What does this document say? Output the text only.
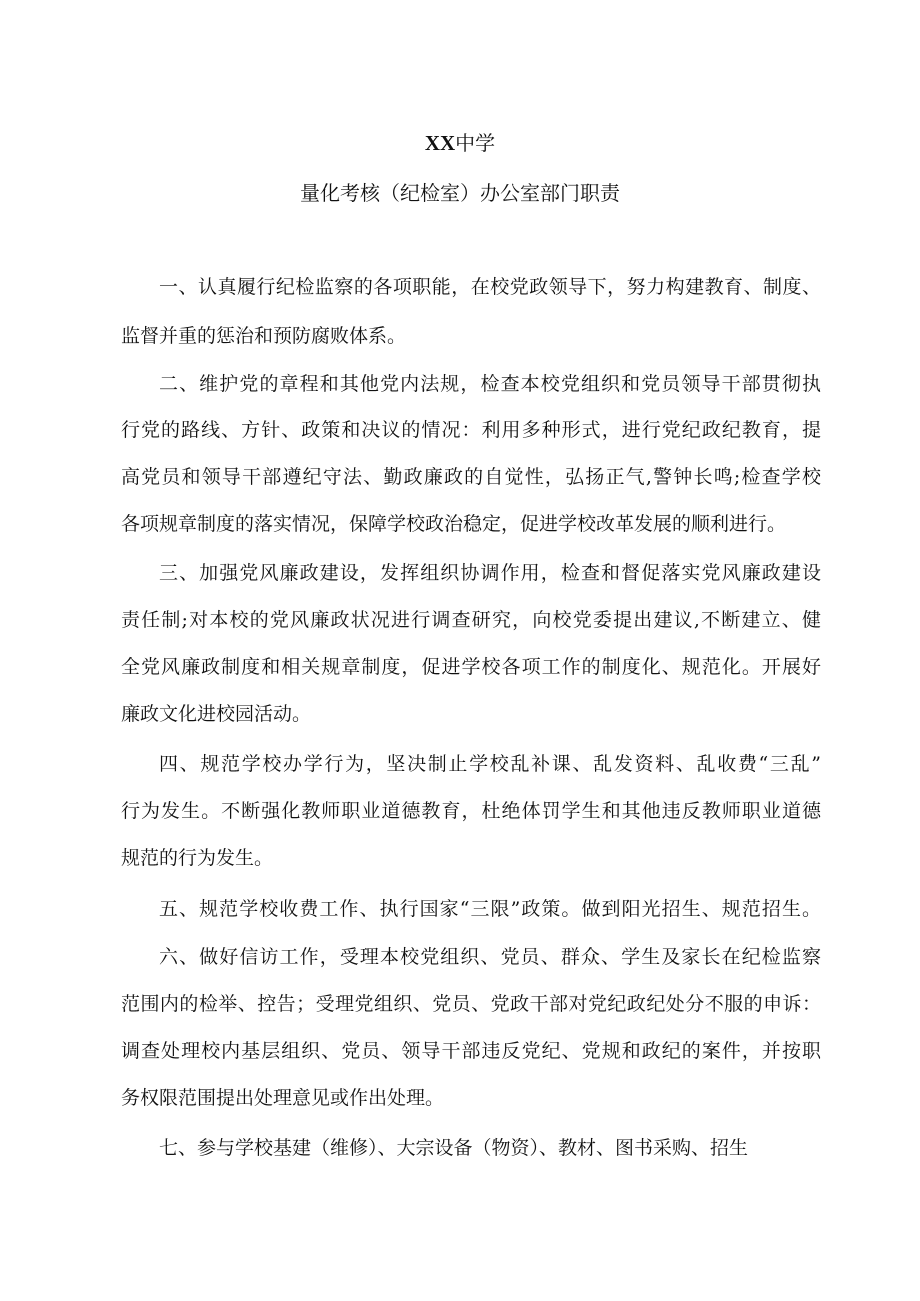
XX中学
量化考核（纪检室）办公室部门职责
一、认真履行纪检监察的各项职能，在校党政领导下，努力构建教育、制度、
监督并重的惩治和预防腐败体系。
二、维护党的章程和其他党内法规，检查本校党组织和党员领导干部贯彻执
行党的路线、方针、政策和决议的情况：利用多种形式，进行党纪政纪教育，提
高党员和领导干部遵纪守法、勤政廉政的自觉性，弘扬正气,警钟长鸣;检查学校
各项规章制度的落实情况，保障学校政治稳定，促进学校改革发展的顺利进行。
三、加强党风廉政建设，发挥组织协调作用，检查和督促落实党风廉政建设
责任制;对本校的党风廉政状况进行调查研究，向校党委提出建议,不断建立、健
全党风廉政制度和相关规章制度，促进学校各项工作的制度化、规范化。开展好
廉政文化进校园活动。
四、规范学校办学行为，坚决制止学校乱补课、乱发资料、乱收费“三乱”
行为发生。不断强化教师职业道德教育，杜绝体罚学生和其他违反教师职业道德
规范的行为发生。
五、规范学校收费工作、执行国家“三限”政策。做到阳光招生、规范招生。
六、做好信访工作，受理本校党组织、党员、群众、学生及家长在纪检监察
范围内的检举、控告；受理党组织、党员、党政干部对党纪政纪处分不服的申诉：
调查处理校内基层组织、党员、领导干部违反党纪、党规和政纪的案件，并按职
务权限范围提出处理意见或作出处理。
七、参与学校基建（维修）、大宗设备（物资）、教材、图书采购、招生
